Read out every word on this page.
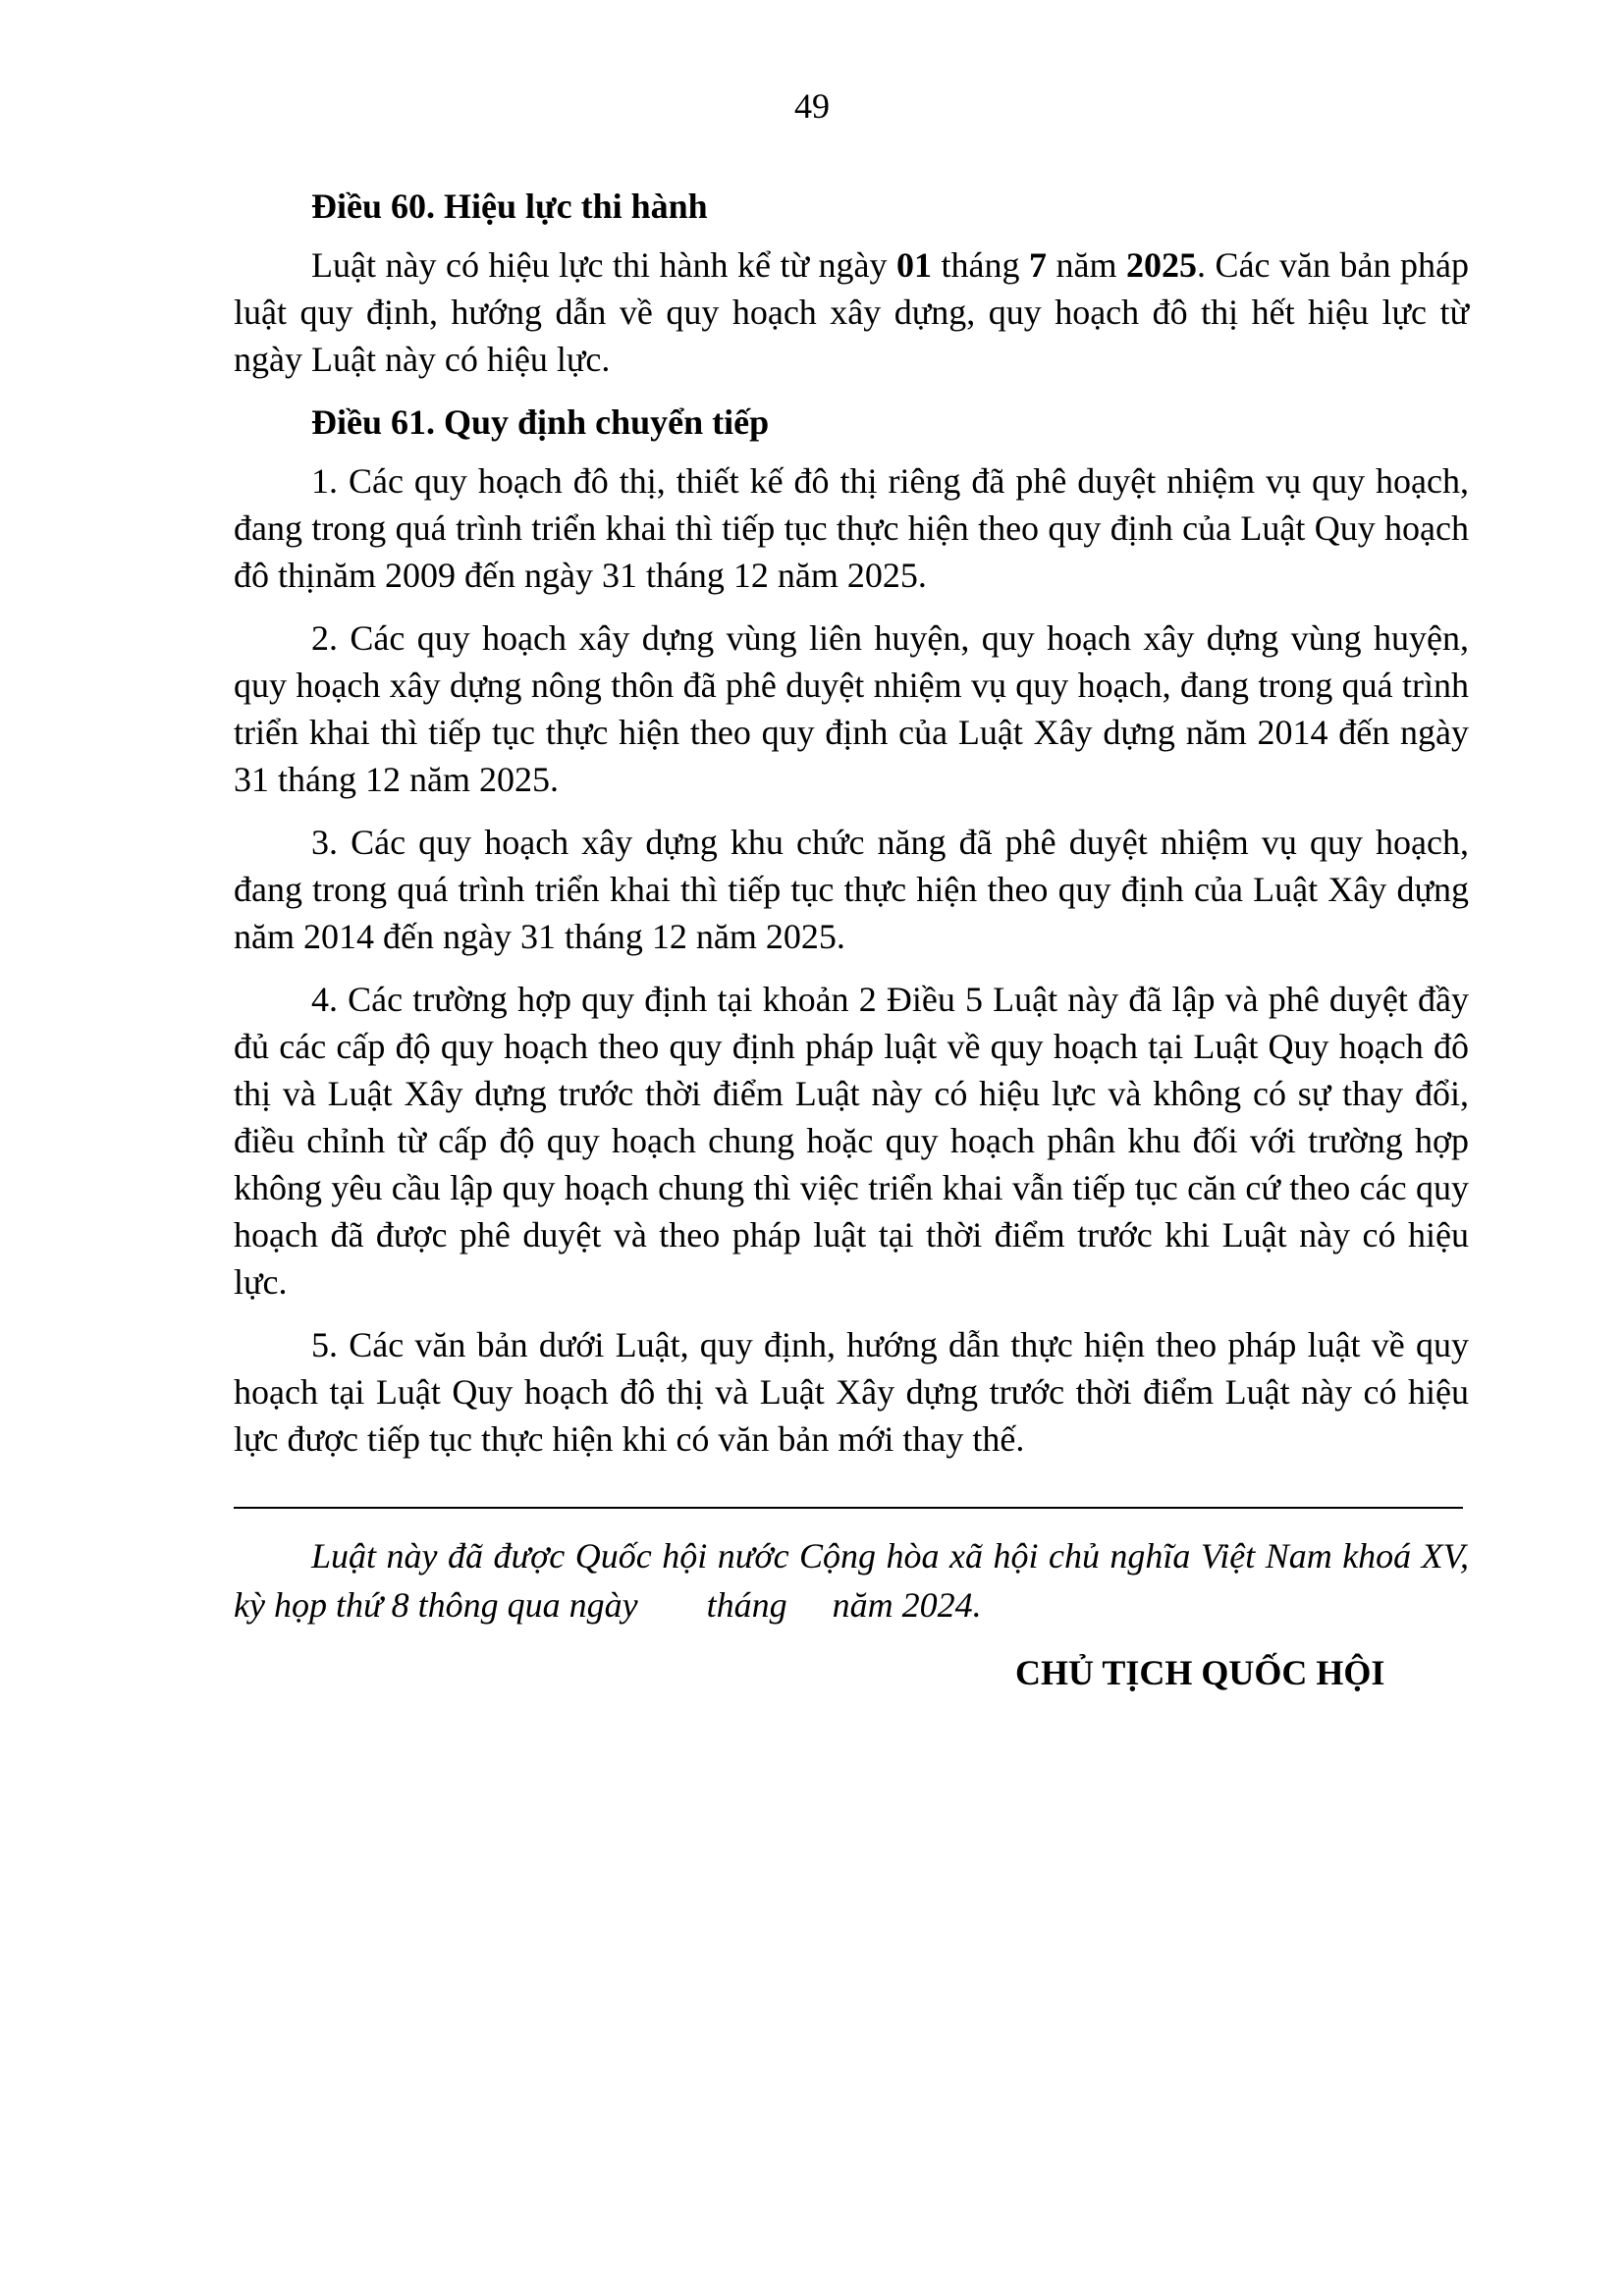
49
Điều 60. Hiệu lực thi hành

Luật này có hiệu lực thi hành kể từ ngày 01 tháng 7 năm 2025. Các văn bản pháp luật quy định, hướng dẫn về quy hoạch xây dựng, quy hoạch đô thị hết hiệu lực từ ngày Luật này có hiệu lực.

Điều 61. Quy định chuyển tiếp

1. Các quy hoạch đô thị, thiết kế đô thị riêng đã phê duyệt nhiệm vụ quy hoạch, đang trong quá trình triển khai thì tiếp tục thực hiện theo quy định của Luật Quy hoạch đô thịnăm 2009 đến ngày 31 tháng 12 năm 2025.

2. Các quy hoạch xây dựng vùng liên huyện, quy hoạch xây dựng vùng huyện, quy hoạch xây dựng nông thôn đã phê duyệt nhiệm vụ quy hoạch, đang trong quá trình triển khai thì tiếp tục thực hiện theo quy định của Luật Xây dựng năm 2014 đến ngày 31 tháng 12 năm 2025.

3. Các quy hoạch xây dựng khu chức năng đã phê duyệt nhiệm vụ quy hoạch, đang trong quá trình triển khai thì tiếp tục thực hiện theo quy định của Luật Xây dựng năm 2014 đến ngày 31 tháng 12 năm 2025.

4. Các trường hợp quy định tại khoản 2 Điều 5 Luật này đã lập và phê duyệt đầy đủ các cấp độ quy hoạch theo quy định pháp luật về quy hoạch tại Luật Quy hoạch đô thị và Luật Xây dựng trước thời điểm Luật này có hiệu lực và không có sự thay đổi, điều chỉnh từ cấp độ quy hoạch chung hoặc quy hoạch phân khu đối với trường hợp không yêu cầu lập quy hoạch chung thì việc triển khai vẫn tiếp tục căn cứ theo các quy hoạch đã được phê duyệt và theo pháp luật tại thời điểm trước khi Luật này có hiệu lực.

5. Các văn bản dưới Luật, quy định, hướng dẫn thực hiện theo pháp luật về quy hoạch tại Luật Quy hoạch đô thị và Luật Xây dựng trước thời điểm Luật này có hiệu lực được tiếp tục thực hiện khi có văn bản mới thay thế.

Luật này đã được Quốc hội nước Cộng hòa xã hội chủ nghĩa Việt Nam khoá XV, kỳ họp thứ 8 thông qua ngày tháng năm 2024.
CHỦ TỊCH QUỐC HỘI
